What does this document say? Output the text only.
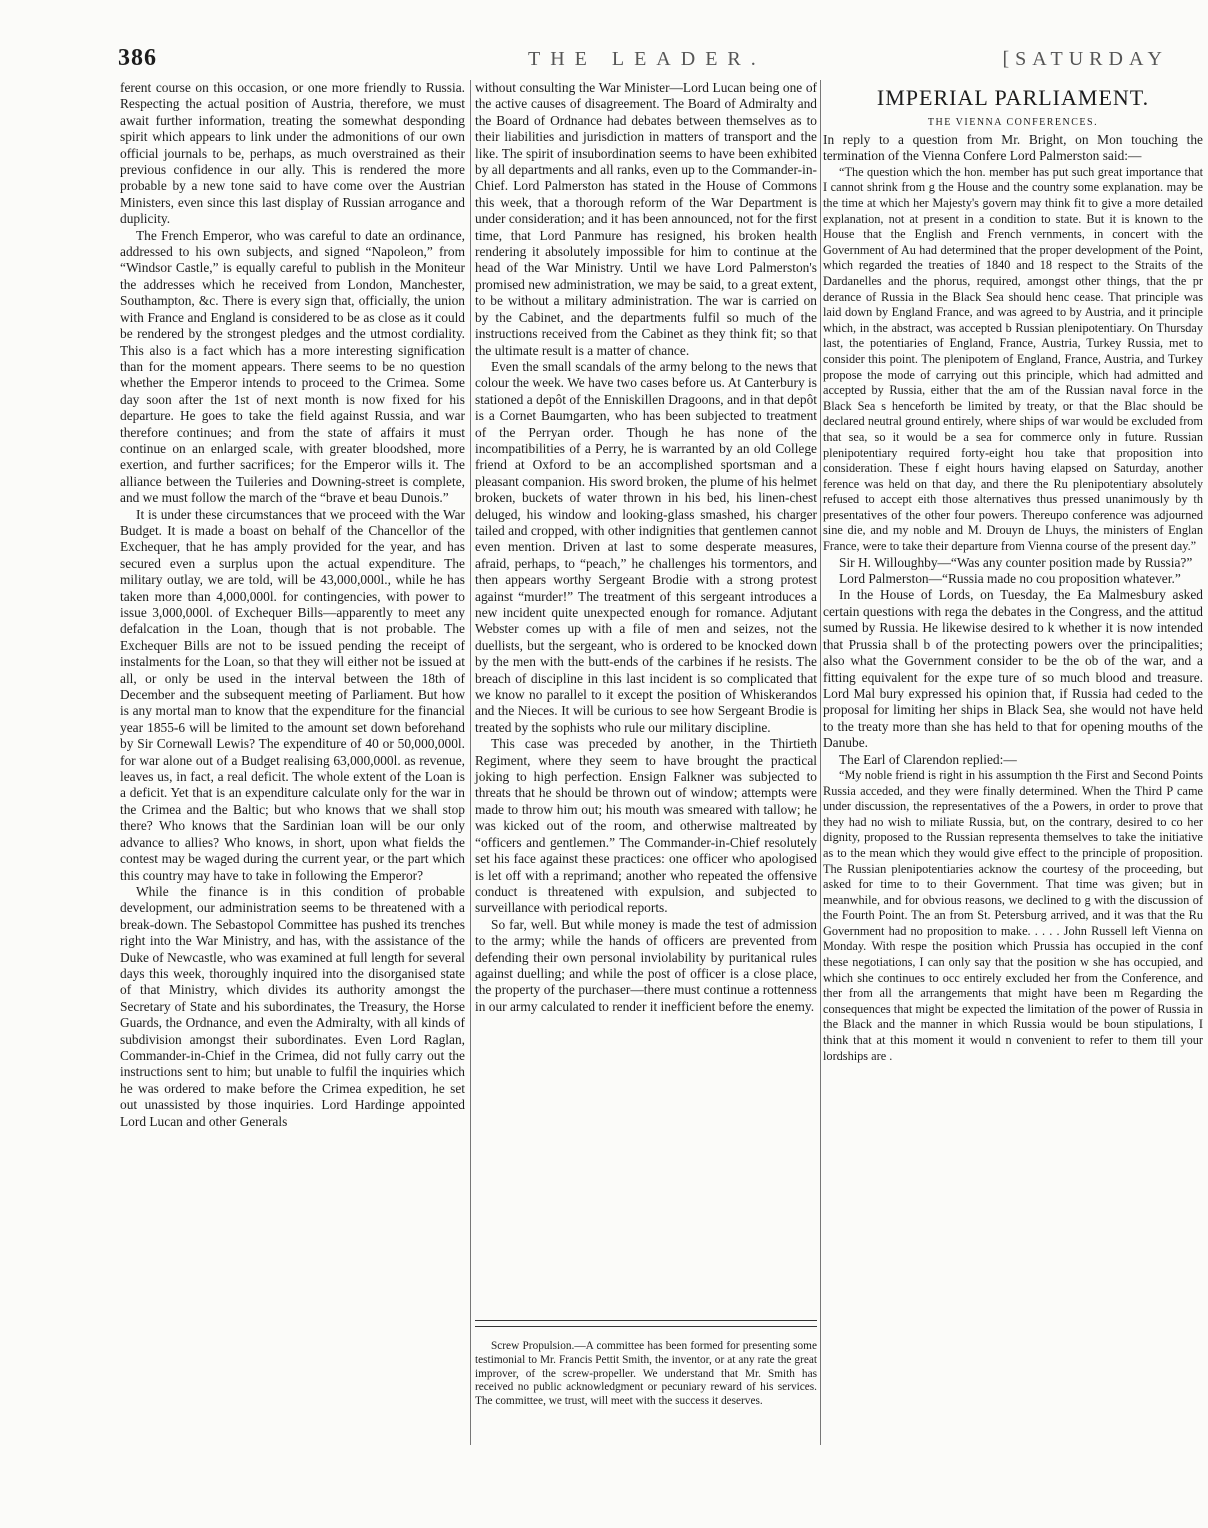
386	THE LEADER.	[SATURDAY

ferent course on this occasion, or one more friendly to Russia. Respecting the actual position of Austria, therefore, we must await further information, treating the somewhat desponding spirit which appears to link under the admonitions of our own official journals to be, perhaps, as much overstrained as their previous confidence in our ally. This is rendered the more probable by a new tone said to have come over the Austrian Ministers, even since this last display of Russian arrogance and duplicity.

The French Emperor, who was careful to date an ordinance, addressed to his own subjects, and signed “Napoleon,” from “Windsor Castle,” is equally careful to publish in the Moniteur the addresses which he received from London, Manchester, Southampton, &c. There is every sign that, officially, the union with France and England is considered to be as close as it could be rendered by the strongest pledges and the utmost cordiality. This also is a fact which has a more interesting signification than for the moment appears. There seems to be no question whether the Emperor intends to proceed to the Crimea. Some day soon after the 1st of next month is now fixed for his departure. He goes to take the field against Russia, and war therefore continues; and from the state of affairs it must continue on an enlarged scale, with greater bloodshed, more exertion, and further sacrifices; for the Emperor wills it. The alliance between the Tuileries and Downing-street is complete, and we must follow the march of the “brave et beau Dunois.”

It is under these circumstances that we proceed with the War Budget. It is made a boast on behalf of the Chancellor of the Exchequer, that he has amply provided for the year, and has secured even a surplus upon the actual expenditure. The military outlay, we are told, will be 43,000,000l., while he has taken more than 4,000,000l. for contingencies, with power to issue 3,000,000l. of Exchequer Bills—apparently to meet any defalcation in the Loan, though that is not probable. The Exchequer Bills are not to be issued pending the receipt of instalments for the Loan, so that they will either not be issued at all, or only be used in the interval between the 18th of December and the subsequent meeting of Parliament. But how is any mortal man to know that the expenditure for the financial year 1855-6 will be limited to the amount set down beforehand by Sir Cornewall Lewis? The expenditure of 40 or 50,000,000l. for war alone out of a Budget realising 63,000,000l. as revenue, leaves us, in fact, a real deficit. The whole extent of the Loan is a deficit. Yet that is an expenditure calculate only for the war in the Crimea and the Baltic; but who knows that we shall stop there? Who knows that the Sardinian loan will be our only advance to allies? Who knows, in short, upon what fields the contest may be waged during the current year, or the part which this country may have to take in following the Emperor?

While the finance is in this condition of probable development, our administration seems to be threatened with a break-down. The Sebastopol Committee has pushed its trenches right into the War Ministry, and has, with the assistance of the Duke of Newcastle, who was examined at full length for several days this week, thoroughly inquired into the disorganised state of that Ministry, which divides its authority amongst the Secretary of State and his subordinates, the Treasury, the Horse Guards, the Ordnance, and even the Admiralty, with all kinds of subdivision amongst their subordinates. Even Lord Raglan, Commander-in-Chief in the Crimea, did not fully carry out the instructions sent to him; but unable to fulfil the inquiries which he was ordered to make before the Crimea expedition, he set out unassisted by those inquiries. Lord Hardinge appointed Lord Lucan and other Generals

without consulting the War Minister—Lord Lucan being one of the active causes of disagreement. The Board of Admiralty and the Board of Ordnance had debates between themselves as to their liabilities and jurisdiction in matters of transport and the like. The spirit of insubordination seems to have been exhibited by all departments and all ranks, even up to the Commander-in-Chief. Lord Palmerston has stated in the House of Commons this week, that a thorough reform of the War Department is under consideration; and it has been announced, not for the first time, that Lord Panmure has resigned, his broken health rendering it absolutely impossible for him to continue at the head of the War Ministry. Until we have Lord Palmerston's promised new administration, we may be said, to a great extent, to be without a military administration. The war is carried on by the Cabinet, and the departments fulfil so much of the instructions received from the Cabinet as they think fit; so that the ultimate result is a matter of chance.

Even the small scandals of the army belong to the news that colour the week. We have two cases before us. At Canterbury is stationed a depôt of the Enniskillen Dragoons, and in that depôt is a Cornet Baumgarten, who has been subjected to treatment of the Perryan order. Though he has none of the incompatibilities of a Perry, he is warranted by an old College friend at Oxford to be an accomplished sportsman and a pleasant companion. His sword broken, the plume of his helmet broken, buckets of water thrown in his bed, his linen-chest deluged, his window and looking-glass smashed, his charger tailed and cropped, with other indignities that gentlemen cannot even mention. Driven at last to some desperate measures, afraid, perhaps, to “peach,” he challenges his tormentors, and then appears worthy Sergeant Brodie with a strong protest against “murder!” The treatment of this sergeant introduces a new incident quite unexpected enough for romance. Adjutant Webster comes up with a file of men and seizes, not the duellists, but the sergeant, who is ordered to be knocked down by the men with the butt-ends of the carbines if he resists. The breach of discipline in this last incident is so complicated that we know no parallel to it except the position of Whiskerandos and the Nieces. It will be curious to see how Sergeant Brodie is treated by the sophists who rule our military discipline.

This case was preceded by another, in the Thirtieth Regiment, where they seem to have brought the practical joking to high perfection. Ensign Falkner was subjected to threats that he should be thrown out of window; attempts were made to throw him out; his mouth was smeared with tallow; he was kicked out of the room, and otherwise maltreated by “officers and gentlemen.” The Commander-in-Chief resolutely set his face against these practices: one officer who apologised is let off with a reprimand; another who repeated the offensive conduct is threatened with expulsion, and subjected to surveillance with periodical reports.

So far, well. But while money is made the test of admission to the army; while the hands of officers are prevented from defending their own personal inviolability by puritanical rules against duelling; and while the post of officer is a close place, the property of the purchaser—there must continue a rottenness in our army calculated to render it inefficient before the enemy.

Screw Propulsion.—A committee has been formed for presenting some testimonial to Mr. Francis Pettit Smith, the inventor, or at any rate the great improver, of the screw-propeller. We understand that Mr. Smith has received no public acknowledgment or pecuniary reward of his services. The committee, we trust, will meet with the success it deserves.

IMPERIAL PARLIAMENT.
THE VIENNA CONFERENCES.

In reply to a question from Mr. Bright, on Mon touching the termination of the Vienna Confere Lord Palmerston said:—

“The question which the hon. member has put such great importance that I cannot shrink from g the House and the country some explanation. may be the time at which her Majesty's govern may think fit to give a more detailed explanation, not at present in a condition to state. But it is known to the House that the English and French vernments, in concert with the Government of Au had determined that the proper development of the Point, which regarded the treaties of 1840 and 18 respect to the Straits of the Dardanelles and the phorus, required, amongst other things, that the pr derance of Russia in the Black Sea should henc cease. That principle was laid down by England France, and was agreed to by Austria, and it principle which, in the abstract, was accepted b Russian plenipotentiary. On Thursday last, the potentiaries of England, France, Austria, Turkey Russia, met to consider this point. The plenipotem of England, France, Austria, and Turkey propose the mode of carrying out this principle, which had admitted and accepted by Russia, either that the am of the Russian naval force in the Black Sea s henceforth be limited by treaty, or that the Blac should be declared neutral ground entirely, where ships of war would be excluded from that sea, so it would be a sea for commerce only in future. Russian plenipotentiary required forty-eight hou take that proposition into consideration. These f eight hours having elapsed on Saturday, another ference was held on that day, and there the Ru plenipotentiary absolutely refused to accept eith those alternatives thus pressed unanimously by th presentatives of the other four powers. Thereupo conference was adjourned sine die, and my noble and M. Drouyn de Lhuys, the ministers of Englan France, were to take their departure from Vienna course of the present day.”

Sir H. Willoughby—“Was any counter position made by Russia?”

Lord Palmerston—“Russia made no cou proposition whatever.”

In the House of Lords, on Tuesday, the Ea Malmesbury asked certain questions with rega the debates in the Congress, and the attitud sumed by Russia. He likewise desired to k whether it is now intended that Prussia shall b of the protecting powers over the principalities; also what the Government consider to be the ob of the war, and a fitting equivalent for the expe ture of so much blood and treasure. Lord Mal bury expressed his opinion that, if Russia had ceded to the proposal for limiting her ships in Black Sea, she would not have held to the treaty more than she has held to that for opening mouths of the Danube.

The Earl of Clarendon replied:—

“My noble friend is right in his assumption th the First and Second Points Russia acceded, and they were finally determined. When the Third P came under discussion, the representatives of the a Powers, in order to prove that they had no wish to miliate Russia, but, on the contrary, desired to co her dignity, proposed to the Russian representa themselves to take the initiative as to the mean which they would give effect to the principle of proposition. The Russian plenipotentiaries acknow the courtesy of the proceeding, but asked for time to to their Government. That time was given; but in meanwhile, and for obvious reasons, we declined to g with the discussion of the Fourth Point. The an from St. Petersburg arrived, and it was that the Ru Government had no proposition to make. . . . . John Russell left Vienna on Monday. With respe the position which Prussia has occupied in the conf these negotiations, I can only say that the position w she has occupied, and which she continues to occ entirely excluded her from the Conference, and ther from all the arrangements that might have been m Regarding the consequences that might be expected the limitation of the power of Russia in the Black and the manner in which Russia would be boun stipulations, I think that at this moment it would n convenient to refer to them till your lordships are .
